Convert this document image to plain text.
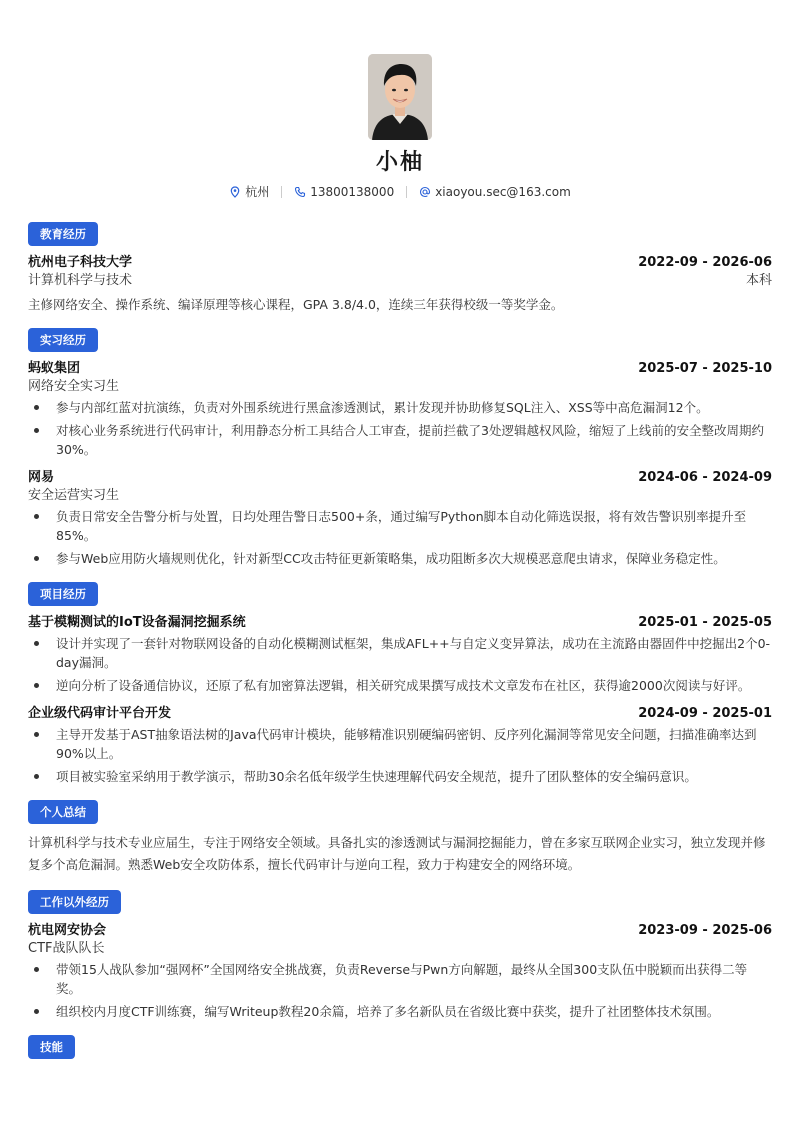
小柚
杭州	13800138000	xiaoyou.sec@163.com
教育经历
杭州电子科技大学	2022-09 - 2026-06
计算机科学与技术	本科
主修网络安全、操作系统、编译原理等核心课程，GPA 3.8/4.0，连续三年获得校级一等奖学金。
实习经历
蚂蚁集团	2025-07 - 2025-10
网络安全实习生
参与内部红蓝对抗演练，负责对外围系统进行黑盒渗透测试，累计发现并协助修复SQL注入、XSS等中高危漏洞12个。
对核心业务系统进行代码审计，利用静态分析工具结合人工审查，提前拦截了3处逻辑越权风险，缩短了上线前的安全整改周期约30%。
网易	2024-06 - 2024-09
安全运营实习生
负责日常安全告警分析与处置，日均处理告警日志500+条，通过编写Python脚本自动化筛选误报，将有效告警识别率提升至85%。
参与Web应用防火墙规则优化，针对新型CC攻击特征更新策略集，成功阻断多次大规模恶意爬虫请求，保障业务稳定性。
项目经历
基于模糊测试的IoT设备漏洞挖掘系统	2025-01 - 2025-05
设计并实现了一套针对物联网设备的自动化模糊测试框架，集成AFL++与自定义变异算法，成功在主流路由器固件中挖掘出2个0-day漏洞。
逆向分析了设备通信协议，还原了私有加密算法逻辑，相关研究成果撰写成技术文章发布在社区，获得逾2000次阅读与好评。
企业级代码审计平台开发	2024-09 - 2025-01
主导开发基于AST抽象语法树的Java代码审计模块，能够精准识别硬编码密钥、反序列化漏洞等常见安全问题，扫描准确率达到90%以上。
项目被实验室采纳用于教学演示，帮助30余名低年级学生快速理解代码安全规范，提升了团队整体的安全编码意识。
个人总结
计算机科学与技术专业应届生，专注于网络安全领域。具备扎实的渗透测试与漏洞挖掘能力，曾在多家互联网企业实习，独立发现并修复多个高危漏洞。熟悉Web安全攻防体系，擅长代码审计与逆向工程，致力于构建安全的网络环境。
工作以外经历
杭电网安协会	2023-09 - 2025-06
CTF战队队长
带领15人战队参加“强网杯”全国网络安全挑战赛，负责Reverse与Pwn方向解题，最终从全国300支队伍中脱颖而出获得二等奖。
组织校内月度CTF训练赛，编写Writeup教程20余篇，培养了多名新队员在省级比赛中获奖，提升了社团整体技术氛围。
技能
